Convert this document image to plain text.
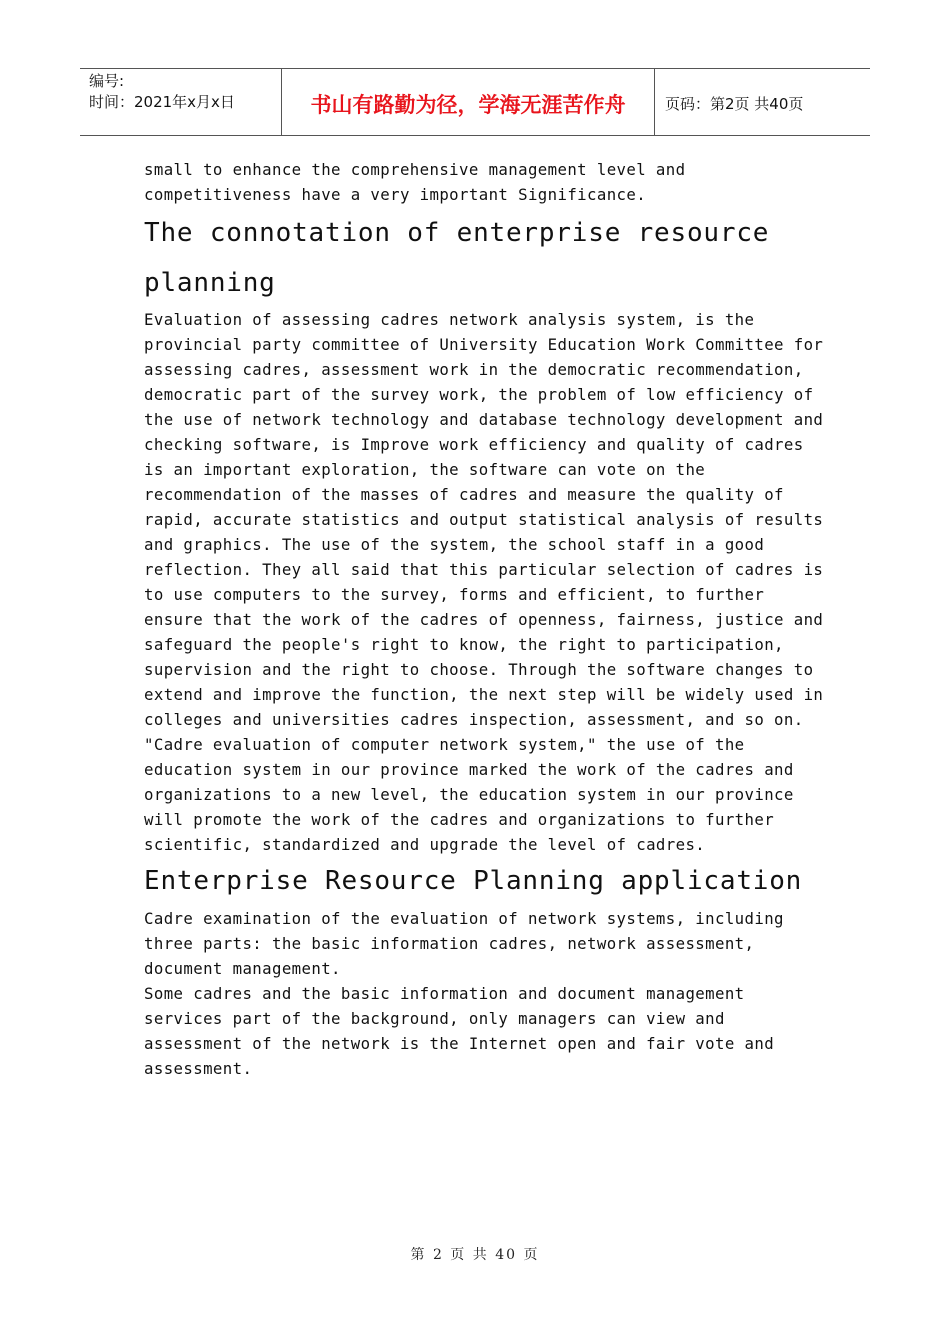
编号:
时间：2021年x月x日	书山有路勤为径，学海无涯苦作舟	页码：第2页 共40页
small to enhance the comprehensive management level and
competitiveness have a very important Significance.
The connotation of enterprise resource
planning
Evaluation of assessing cadres network analysis system, is the
provincial party committee of University Education Work Committee for
assessing cadres, assessment work in the democratic recommendation,
democratic part of the survey work, the problem of low efficiency of
the use of network technology and database technology development and
checking software, is Improve work efficiency and quality of cadres
is an important exploration, the software can vote on the
recommendation of the masses of cadres and measure the quality of
rapid, accurate statistics and output statistical analysis of results
and graphics. The use of the system, the school staff in a good
reflection. They all said that this particular selection of cadres is
to use computers to the survey, forms and efficient, to further
ensure that the work of the cadres of openness, fairness, justice and
safeguard the people's right to know, the right to participation,
supervision and the right to choose. Through the software changes to
extend and improve the function, the next step will be widely used in
colleges and universities cadres inspection, assessment, and so on.
"Cadre evaluation of computer network system," the use of the
education system in our province marked the work of the cadres and
organizations to a new level, the education system in our province
will promote the work of the cadres and organizations to further
scientific, standardized and upgrade the level of cadres.
Enterprise Resource Planning application
Cadre examination of the evaluation of network systems, including
three parts: the basic information cadres, network assessment,
document management.
Some cadres and the basic information and document management
services part of the background, only managers can view and
assessment of the network is the Internet open and fair vote and
assessment.
第 2 页 共 40 页
